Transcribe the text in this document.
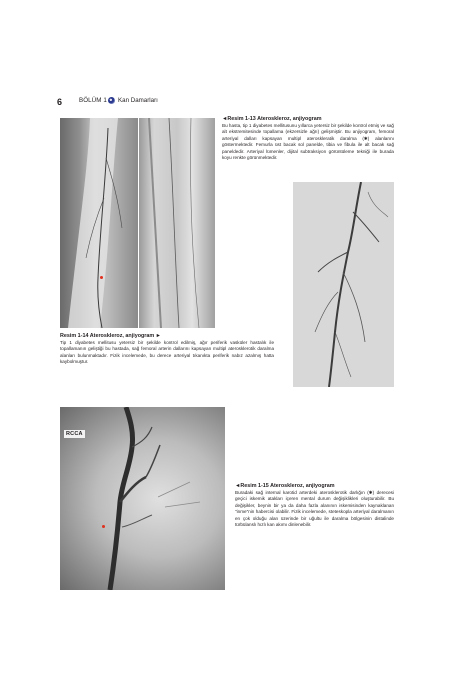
6	BÖLÜM 1 Kan Damarları
◄Resim 1-13 Ateroskleroz, anjiyogram
Bu hasta, tip 1 diyabetes mellitusunu yıllarca yetersiz bir şekilde kontrol etmiş ve sağ alt ekstremitesinde topallama (ekzersizle ağrı) gelişmiştir. Bu anjiyogram, femoral arteriyal dalları kapsayan multipl ateroskleratik daralma (✱) alanlarını göstermektedir. Femurla üst bacak sol panelde, tibia ve fibula ile alt bacak sağ paneldedir. Arteriyal lümenler, dijital subtraksiyon görüntüleme tekniği ile burada koyu renkte görünmektedir.
Resim 1-14 Ateroskleroz, anjiyogram ►
Tip 1 diyabetes mellitusu yetersiz bir şekilde kontrol edilmiş, ağır periferik vasküler hastalık ile topallamanın geliştiği bu hastada, sağ femoral arterin dallarını kapsayan multipl aterosklerotik daralma alanları bulunmaktadır. Fizik incelemede, bu derece arteriyal tıkanıkta periferik nabız azalmış hatta kaybolmuştur.
RCCA
◄Resim 1-15 Ateroskleroz, anjiyogram
Buradaki sağ internal karotid arterdeki aterosklerotik darlığın (✱) derecesi geçici iskemik atakları içeren mental durum değişiklikleri oluşturabilir. Bu değişikler, beynin bir ya da daha fazla alanının iskemisinden kaynaklanan "inme"nin habercisi olabilir. Fizik incelemede, steteskopla arteriyal daralmanın en çok olduğu alan üzerinde bir uğultu ile daralma bölgesinin distalinde türbülanslı hızlı kan akımı dinlenebilir.
